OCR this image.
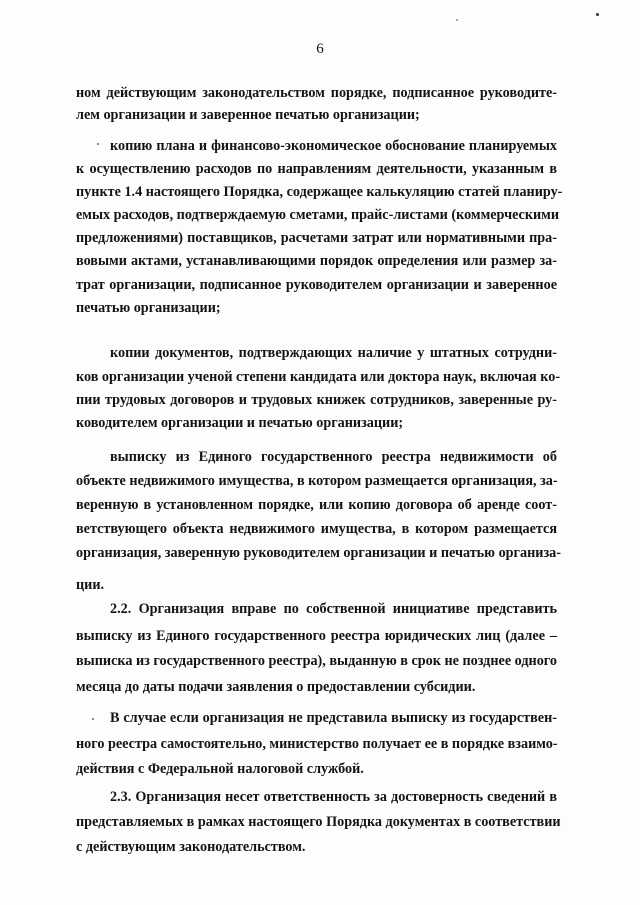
6
ном действующим законодательством порядке, подписанное руководите-
лем организации и заверенное печатью организации;
копию плана и финансово-экономическое обоснование планируемых
к осуществлению расходов по направлениям деятельности, указанным в
пункте 1.4 настоящего Порядка, содержащее калькуляцию статей планиру-
емых расходов, подтверждаемую сметами, прайс-листами (коммерческими
предложениями) поставщиков, расчетами затрат или нормативными пра-
вовыми актами, устанавливающими порядок определения или размер за-
трат организации, подписанное руководителем организации и заверенное
печатью организации;
копии документов, подтверждающих наличие у штатных сотрудни-
ков организации ученой степени кандидата или доктора наук, включая ко-
пии трудовых договоров и трудовых книжек сотрудников, заверенные ру-
ководителем организации и печатью организации;
выписку из Единого государственного реестра недвижимости об
объекте недвижимого имущества, в котором размещается организация, за-
веренную в установленном порядке, или копию договора об аренде соот-
ветствующего объекта недвижимого имущества, в котором размещается
организация, заверенную руководителем организации и печатью организа-
ции.
2.2. Организация вправе по собственной инициативе представить
выписку из Единого государственного реестра юридических лиц (далее –
выписка из государственного реестра), выданную в срок не позднее одного
месяца до даты подачи заявления о предоставлении субсидии.
В случае если организация не представила выписку из государствен-
ного реестра самостоятельно, министерство получает ее в порядке взаимо-
действия с Федеральной налоговой службой.
2.3. Организация несет ответственность за достоверность сведений в
представляемых в рамках настоящего Порядка документах в соответствии
с действующим законодательством.
